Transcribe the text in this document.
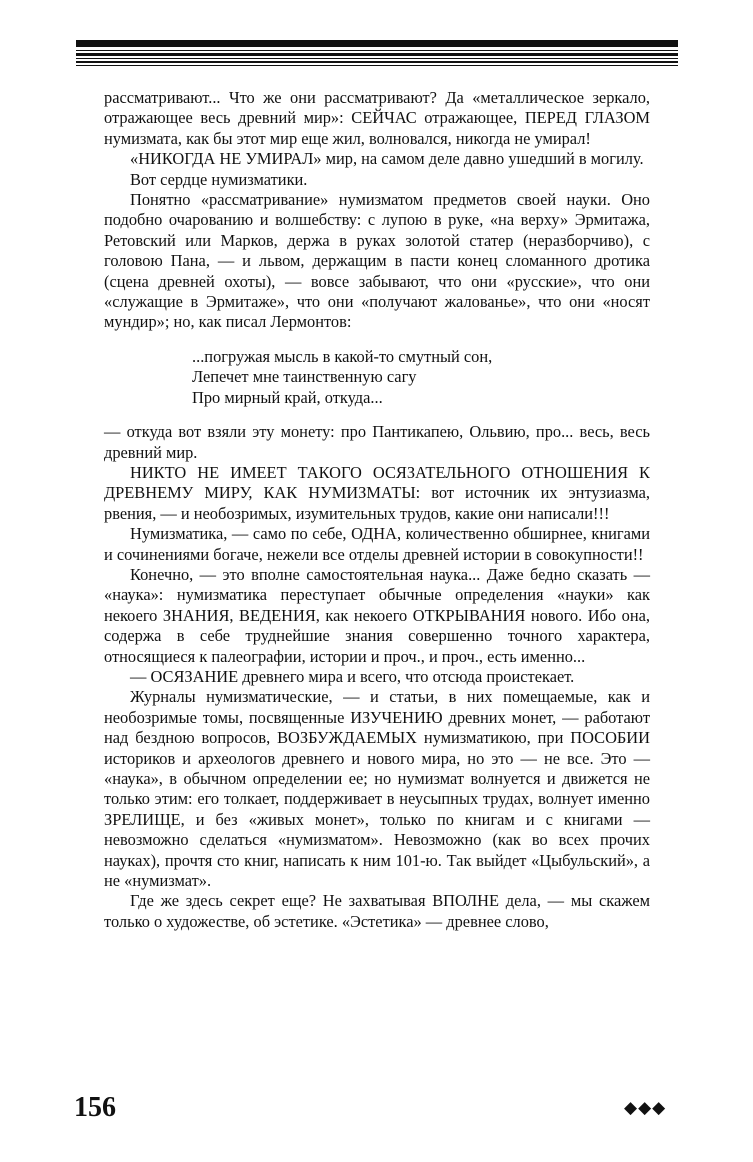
рассматривают... Что же они рассматривают? Да «металлическое зеркало, отражающее весь древний мир»: СЕЙЧАС отражающее, ПЕРЕД ГЛАЗОМ нумизмата, как бы этот мир еще жил, волновался, никогда не умирал!

«НИКОГДА НЕ УМИРАЛ» мир, на самом деле давно ушедший в могилу.

Вот сердце нумизматики.

Понятно «рассматривание» нумизматом предметов своей науки. Оно подобно очарованию и волшебству: с лупою в руке, «на верху» Эрмитажа, Ретовский или Марков, держа в руках золотой статер (неразборчиво), с головою Пана, — и львом, держащим в пасти конец сломанного дротика (сцена древней охоты), — вовсе забывают, что они «русские», что они «служащие в Эрмитаже», что они «получают жалованье», что они «носят мундир»; но, как писал Лермонтов:

...погружая мысль в какой-то смутный сон,
Лепечет мне таинственную сагу
Про мирный край, откуда...

— откуда вот взяли эту монету: про Пантикапею, Ольвию, про... весь, весь древний мир.

НИКТО НЕ ИМЕЕТ ТАКОГО ОСЯЗАТЕЛЬНОГО ОТНОШЕНИЯ К ДРЕВНЕМУ МИРУ, КАК НУМИЗМАТЫ: вот источник их энтузиазма, рвения, — и необозримых, изумительных трудов, какие они написали!!!

Нумизматика, — само по себе, ОДНА, количественно обширнее, книгами и сочинениями богаче, нежели все отделы древней истории в совокупности!!

Конечно, — это вполне самостоятельная наука... Даже бедно сказать — «наука»: нумизматика переступает обычные определения «науки» как некоего ЗНАНИЯ, ВЕДЕНИЯ, как некоего ОТКРЫВАНИЯ нового. Ибо она, содержа в себе труднейшие знания совершенно точного характера, относящиеся к палеографии, истории и проч., и проч., есть именно...

— ОСЯЗАНИЕ древнего мира и всего, что отсюда проистекает.

Журналы нумизматические, — и статьи, в них помещаемые, как и необозримые томы, посвященные ИЗУЧЕНИЮ древних монет, — работают над бездною вопросов, ВОЗБУЖДАЕМЫХ нумизматикою, при ПОСОБИИ историков и археологов древнего и нового мира, но это — не все. Это — «наука», в обычном определении ее; но нумизмат волнуется и движется не только этим: его толкает, поддерживает в неусыпных трудах, волнует именно ЗРЕЛИЩЕ, и без «живых монет», только по книгам и с книгами — невозможно сделаться «нумизматом». Невозможно (как во всех прочих науках), прочтя сто книг, написать к ним 101-ю. Так выйдет «Цыбульский», а не «нумизмат».

Где же здесь секрет еще? Не захватывая ВПОЛНЕ дела, — мы скажем только о художестве, об эстетике. «Эстетика» — древнее слово,

156	◆◆◆
